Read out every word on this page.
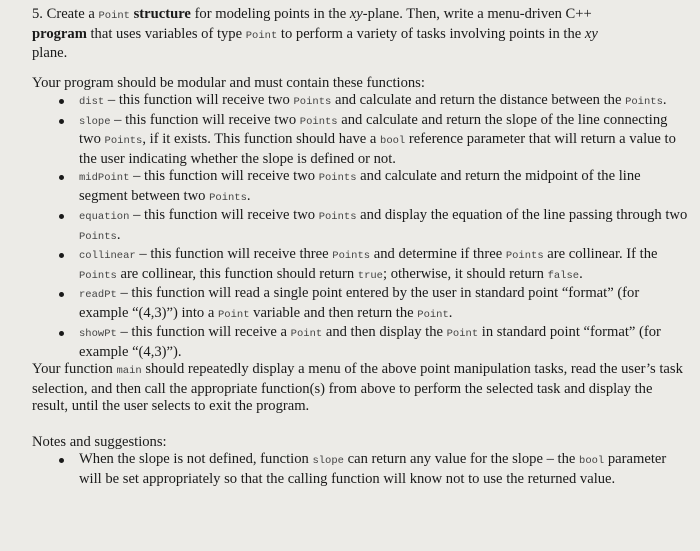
5. Create a Point structure for modeling points in the xy-plane. Then, write a menu-driven C++
program that uses variables of type Point to perform a variety of tasks involving points in the xy
plane.
Your program should be modular and must contain these functions:
dist – this function will receive two Points and calculate and return the distance between the Points.
slope – this function will receive two Points and calculate and return the slope of the line connecting two Points, if it exists. This function should have a bool reference parameter that will return a value to the user indicating whether the slope is defined or not.
midPoint – this function will receive two Points and calculate and return the midpoint of the line segment between two Points.
equation – this function will receive two Points and display the equation of the line passing through two Points.
collinear – this function will receive three Points and determine if three Points are collinear. If the Points are collinear, this function should return true; otherwise, it should return false.
readPt – this function will read a single point entered by the user in standard point “format” (for example “(4,3)”) into a Point variable and then return the Point.
showPt – this function will receive a Point and then display the Point in standard point “format” (for example “(4,3)”).
Your function main should repeatedly display a menu of the above point manipulation tasks, read the user’s task selection, and then call the appropriate function(s) from above to perform the selected task and display the result, until the user selects to exit the program.
Notes and suggestions:
When the slope is not defined, function slope can return any value for the slope – the bool parameter will be set appropriately so that the calling function will know not to use the returned value.
